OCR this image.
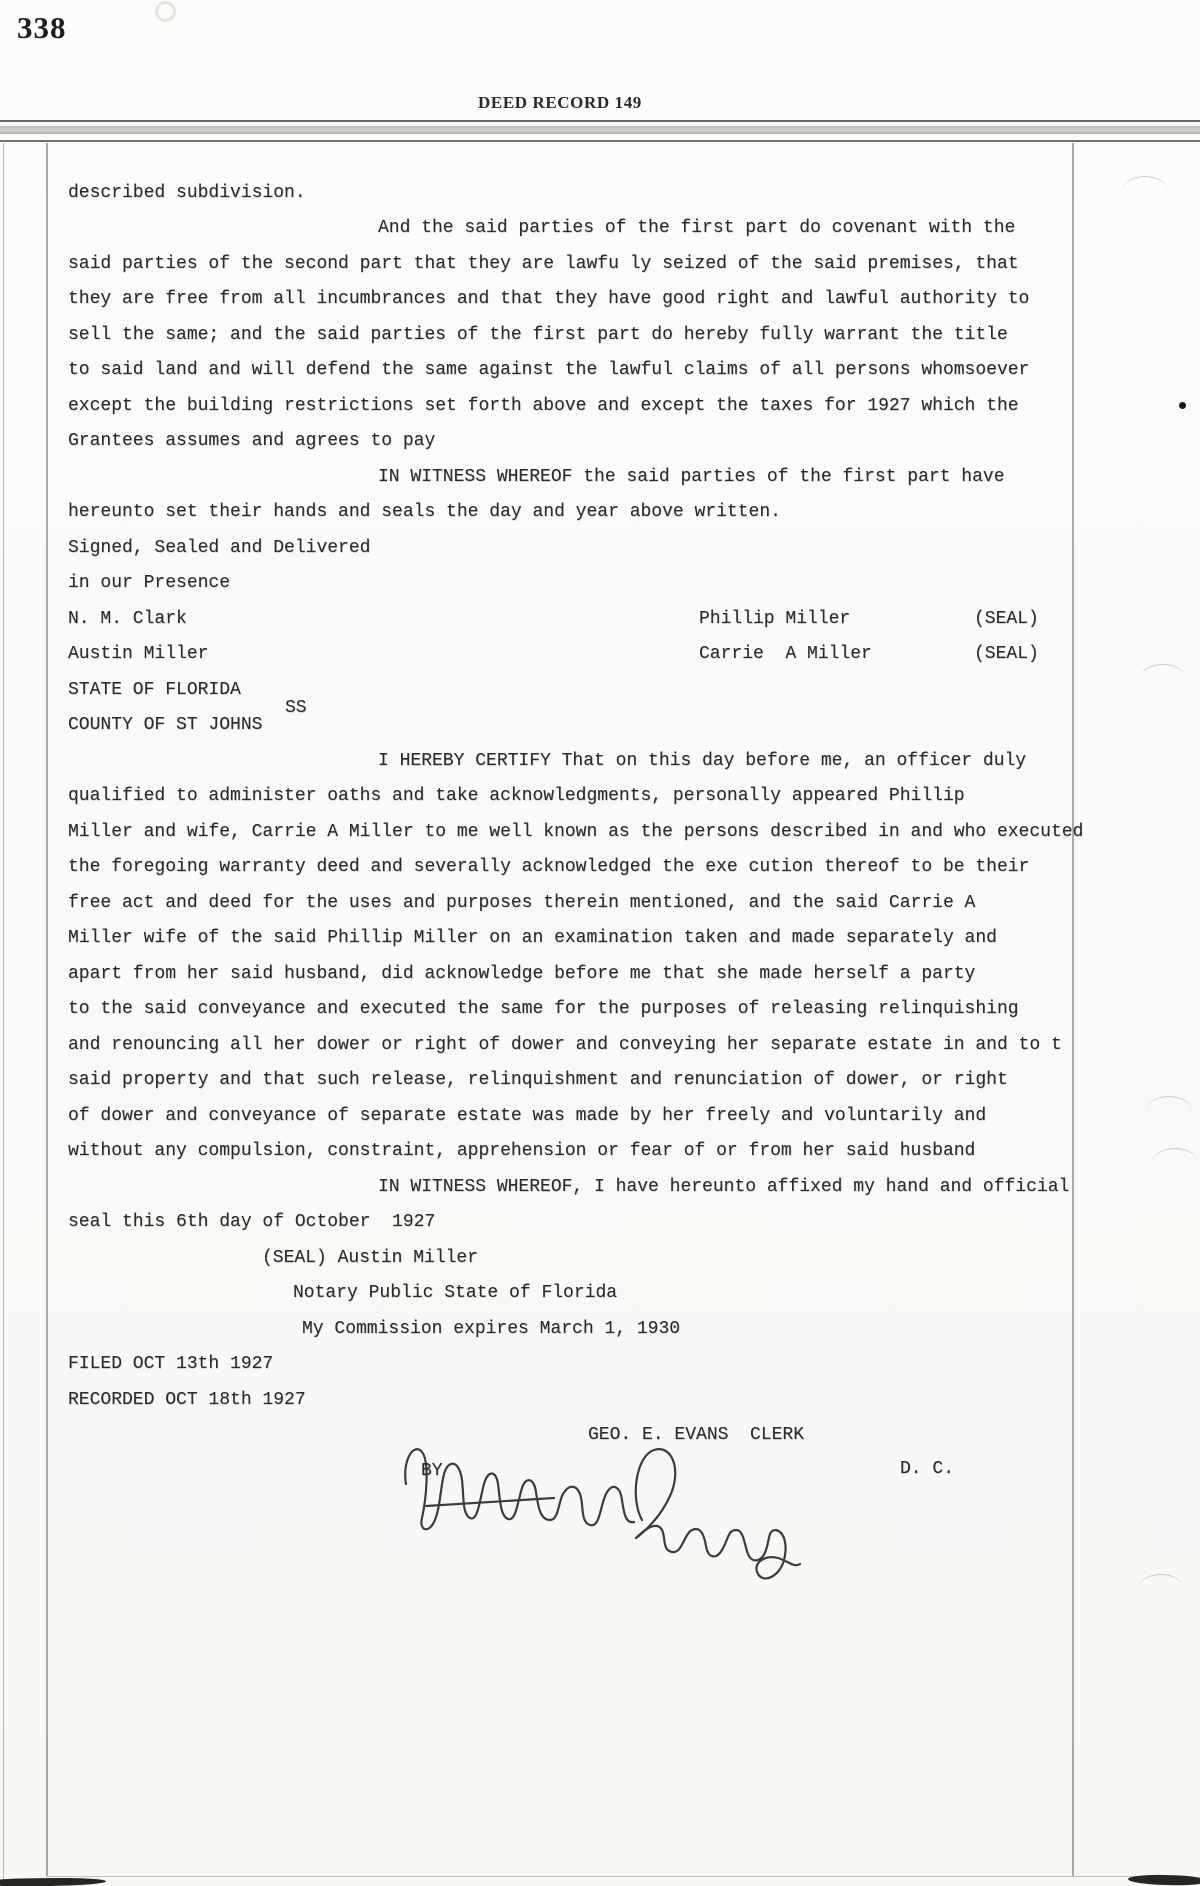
338
DEED RECORD 149
described subdivision.
And the said parties of the first part do covenant with the
said parties of the second part that they are lawfu ly seized of the said premises, that
they are free from all incumbrances and that they have good right and lawful authority to
sell the same; and the said parties of the first part do hereby fully warrant the title
to said land and will defend the same against the lawful claims of all persons whomsoever
except the building restrictions set forth above and except the taxes for 1927 which the
Grantees assumes and agrees to pay
IN WITNESS WHEREOF the said parties of the first part have
hereunto set their hands and seals the day and year above written.
Signed, Sealed and Delivered
in our Presence
N. M. Clark
Austin Miller
Phillip Miller
Carrie  A Miller
(SEAL)
(SEAL)
STATE OF FLORIDA
SS
COUNTY OF ST JOHNS
I HEREBY CERTIFY That on this day before me, an officer duly
qualified to administer oaths and take acknowledgments, personally appeared Phillip
Miller and wife, Carrie A Miller to me well known as the persons described in and who executed
the foregoing warranty deed and severally acknowledged the exe cution thereof to be their
free act and deed for the uses and purposes therein mentioned, and the said Carrie A
Miller wife of the said Phillip Miller on an examination taken and made separately and
apart from her said husband, did acknowledge before me that she made herself a party
to the said conveyance and executed the same for the purposes of releasing relinquishing
and renouncing all her dower or right of dower and conveying her separate estate in and to t
said property and that such release, relinquishment and renunciation of dower, or right
of dower and conveyance of separate estate was made by her freely and voluntarily and
without any compulsion, constraint, apprehension or fear of or from her said husband
IN WITNESS WHEREOF, I have hereunto affixed my hand and official
seal this 6th day of October  1927
(SEAL) Austin Miller
Notary Public State of Florida
My Commission expires March 1, 1930
FILED OCT 13th 1927
RECORDED OCT 18th 1927
GEO. E. EVANS  CLERK
BY	D. C.
